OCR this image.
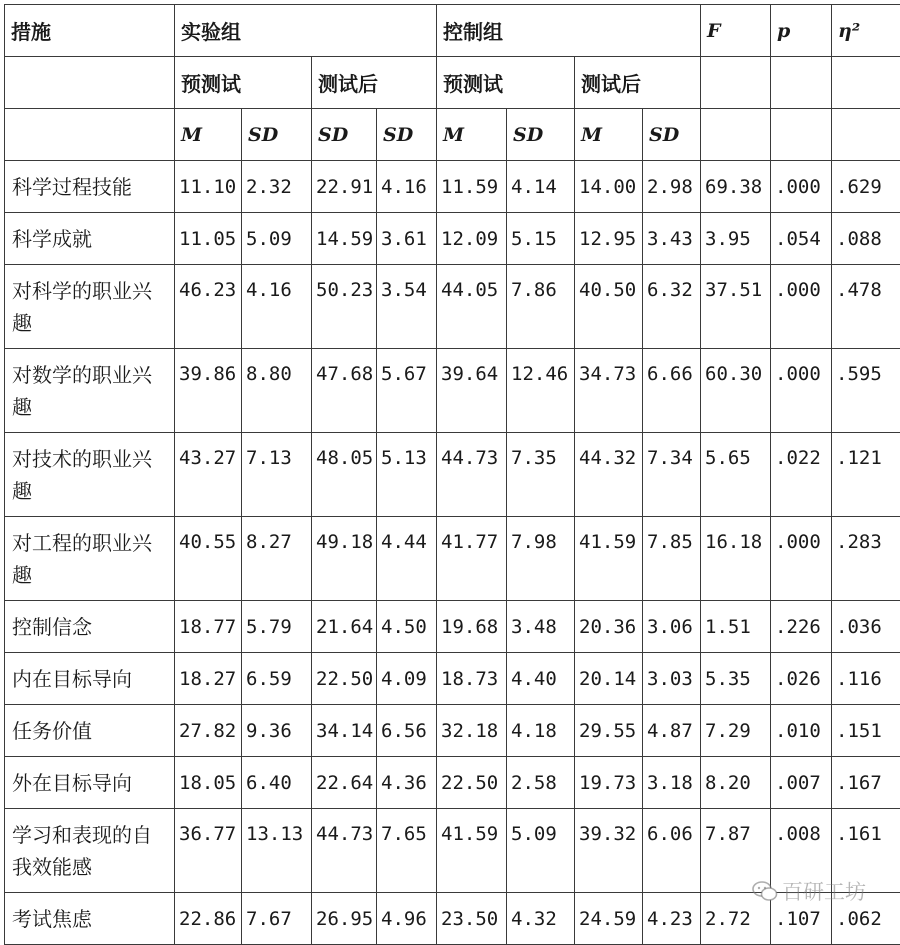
措施	实验组				控制组				F	p	η²
	预测试		测试后		预测试		测试后				
	M	SD	SD	SD	M	SD	M	SD			
科学过程技能	11.10	2.32	22.91	4.16	11.59	4.14	14.00	2.98	69.38	.000	.629
科学成就	11.05	5.09	14.59	3.61	12.09	5.15	12.95	3.43	3.95	.054	.088
对科学的职业兴趣	46.23	4.16	50.23	3.54	44.05	7.86	40.50	6.32	37.51	.000	.478
对数学的职业兴趣	39.86	8.80	47.68	5.67	39.64	12.46	34.73	6.66	60.30	.000	.595
对技术的职业兴趣	43.27	7.13	48.05	5.13	44.73	7.35	44.32	7.34	5.65	.022	.121
对工程的职业兴趣	40.55	8.27	49.18	4.44	41.77	7.98	41.59	7.85	16.18	.000	.283
控制信念	18.77	5.79	21.64	4.50	19.68	3.48	20.36	3.06	1.51	.226	.036
内在目标导向	18.27	6.59	22.50	4.09	18.73	4.40	20.14	3.03	5.35	.026	.116
任务价值	27.82	9.36	34.14	6.56	32.18	4.18	29.55	4.87	7.29	.010	.151
外在目标导向	18.05	6.40	22.64	4.36	22.50	2.58	19.73	3.18	8.20	.007	.167
学习和表现的自我效能感	36.77	13.13	44.73	7.65	41.59	5.09	39.32	6.06	7.87	.008	.161
考试焦虑	22.86	7.67	26.95	4.96	23.50	4.32	24.59	4.23	2.72	.107	.062
百研工坊
